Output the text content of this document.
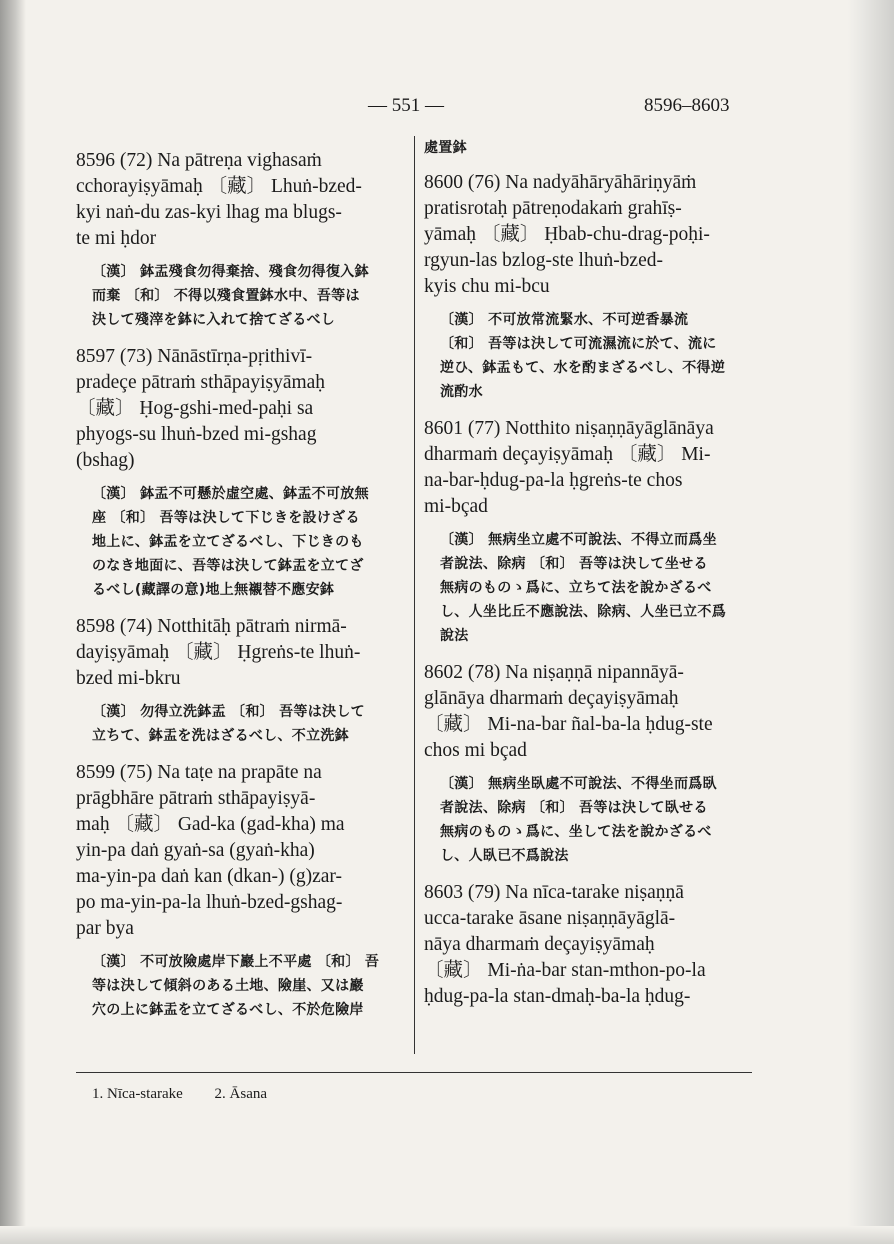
— 551 —	8596–8603

8596 (72) Na pātreṇa vighasaṁ

cchorayiṣyāmaḥ 〔藏〕 Lhuṅ-bzed-

kyi naṅ-du zas-kyi lhag ma blugs-

te mi ḥdor

〔漢〕 鉢盂殘食勿得棄捨、殘食勿得復入鉢
而棄 〔和〕 不得以殘食置鉢水中、吾等は
決して殘滓を鉢に入れて捨てざるべし

8597 (73) Nānāstīrṇa-pṛithivī-

pradeçe pātraṁ sthāpayiṣyāmaḥ

〔藏〕 Ḥog-gshi-med-paḥi sa

phyogs-su lhuṅ-bzed mi-gshag

(bshag)

〔漢〕 鉢盂不可懸於虛空處、鉢盂不可放無
座 〔和〕 吾等は決して下じきを設けざる
地上に、鉢盂を立てざるべし、下じきのも
のなき地面に、吾等は決して鉢盂を立てざ
るべし(藏譯の意)地上無襯替不應安鉢

8598 (74) Notthitāḥ pātraṁ nirmā-

dayiṣyāmaḥ 〔藏〕 Ḥgreṅs-te lhuṅ-

bzed mi-bkru

〔漢〕 勿得立洗鉢盂 〔和〕 吾等は決して
立ちて、鉢盂を洗はざるべし、不立洗鉢

8599 (75) Na taṭe na prapāte na

prāgbhāre pātraṁ sthāpayiṣyā-

maḥ 〔藏〕 Gad-ka (gad-kha) ma

yin-pa daṅ gyaṅ-sa (gyaṅ-kha)

ma-yin-pa daṅ kan (dkan-) (g)zar-

po ma-yin-pa-la lhuṅ-bzed-gshag-

par bya

〔漢〕 不可放險處岸下巖上不平處 〔和〕 吾
等は決して傾斜のある土地、險崖、又は巖
穴の上に鉢盂を立てざるべし、不於危險岸
處置鉢

8600 (76) Na nadyāhāryāhāriṇyāṁ

pratisrotaḥ pātreṇodakaṁ grahīṣ-

yāmaḥ 〔藏〕 Ḥbab-chu-drag-poḥi-

rgyun-las bzlog-ste lhuṅ-bzed-

kyis chu mi-bcu

〔漢〕 不可放常流緊水、不可逆香暴流
〔和〕 吾等は決して可流濕流に於て、流に
逆ひ、鉢盂もて、水を酌まざるべし、不得逆
流酌水

8601 (77) Notthito niṣaṇṇāyāglānāya

dharmaṁ deçayiṣyāmaḥ 〔藏〕 Mi-

na-bar-ḥdug-pa-la ḥgreṅs-te chos

mi-bçad

〔漢〕 無病坐立處不可說法、不得立而爲坐
者說法、除病 〔和〕 吾等は決して坐せる
無病のものゝ爲に、立ちて法を說かざるべ
し、人坐比丘不應說法、除病、人坐已立不爲
說法

8602 (78) Na niṣaṇṇā nipannāyā-

glānāya dharmaṁ deçayiṣyāmaḥ

〔藏〕 Mi-na-bar ñal-ba-la ḥdug-ste

chos mi bçad

〔漢〕 無病坐臥處不可說法、不得坐而爲臥
者說法、除病 〔和〕 吾等は決して臥せる
無病のものゝ爲に、坐して法を說かざるべ
し、人臥已不爲說法

8603 (79) Na nīca-tarake niṣaṇṇā

ucca-tarake āsane niṣaṇṇāyāglā-

nāya dharmaṁ deçayiṣyāmaḥ

〔藏〕 Mi-ṅa-bar stan-mthon-po-la

ḥdug-pa-la stan-dmaḥ-ba-la ḥdug-

1. Nīca-starake 2. Āsana
